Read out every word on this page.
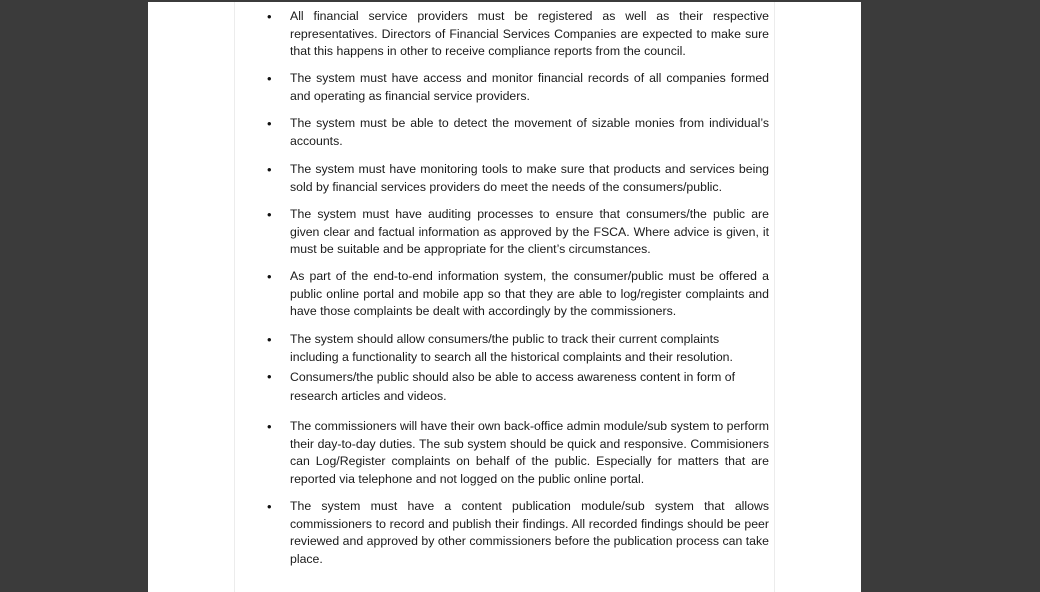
• All financial service providers must be registered as well as their respective representatives. Directors of Financial Services Companies are expected to make sure that this happens in other to receive compliance reports from the council.

• The system must have access and monitor financial records of all companies formed and operating as financial service providers.

• The system must be able to detect the movement of sizable monies from individual’s accounts.

• The system must have monitoring tools to make sure that products and services being sold by financial services providers do meet the needs of the consumers/public.

• The system must have auditing processes to ensure that consumers/the public are given clear and factual information as approved by the FSCA. Where advice is given, it must be suitable and be appropriate for the client’s circumstances.

• As part of the end-to-end information system, the consumer/public must be offered a public online portal and mobile app so that they are able to log/register complaints and have those complaints be dealt with accordingly by the commissioners.

• The system should allow consumers/the public to track their current complaints including a functionality to search all the historical complaints and their resolution.

• Consumers/the public should also be able to access awareness content in form of research articles and videos.

• The commissioners will have their own back-office admin module/sub system to perform their day-to-day duties. The sub system should be quick and responsive. Commisioners can Log/Register complaints on behalf of the public. Especially for matters that are reported via telephone and not logged on the public online portal.

• The system must have a content publication module/sub system that allows commissioners to record and publish their findings. All recorded findings should be peer reviewed and approved by other commissioners before the publication process can take place.
